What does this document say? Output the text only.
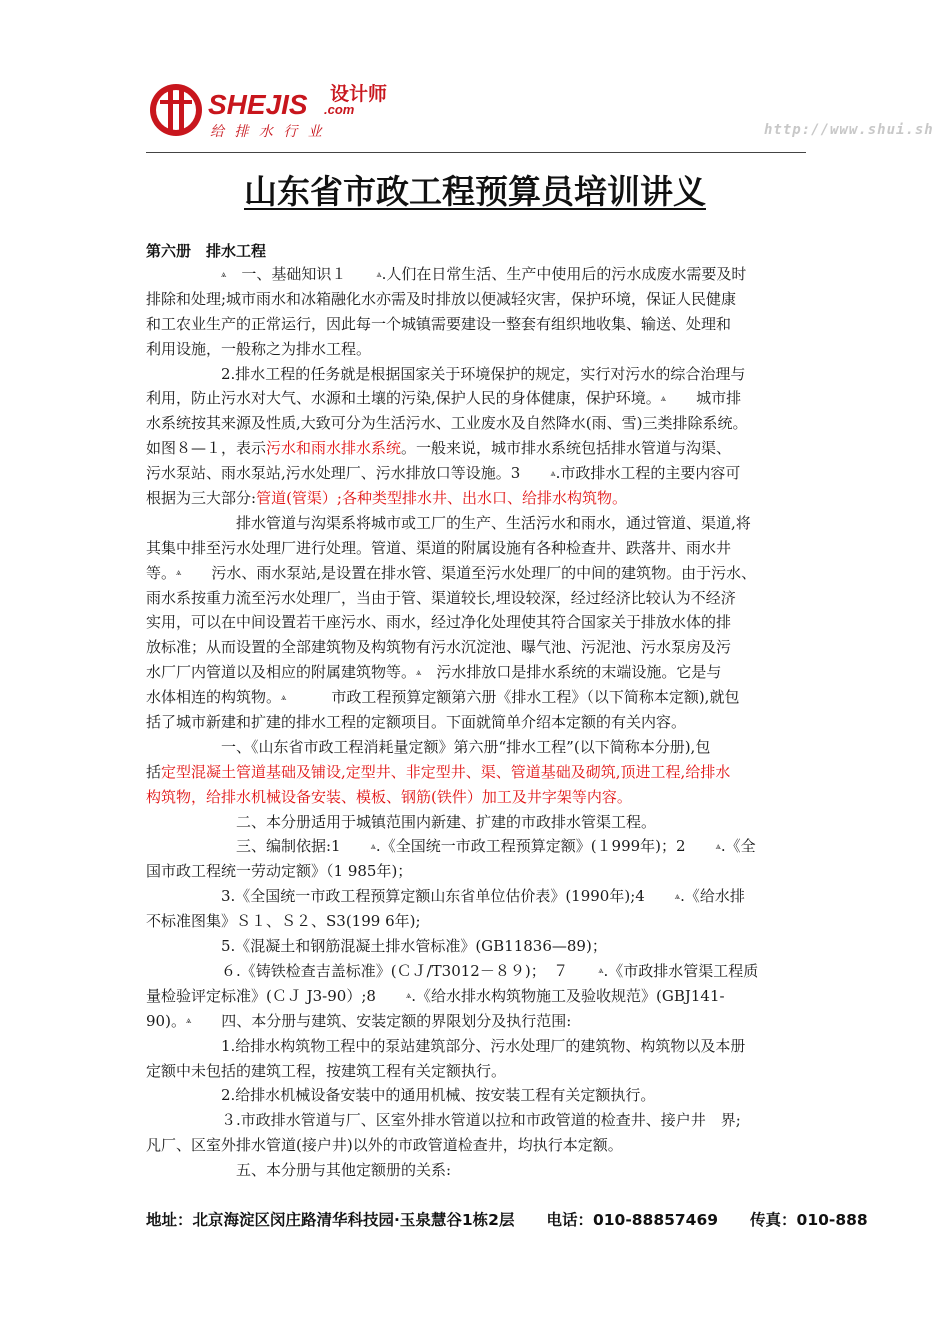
SHEJIS .com
设计师
给 排 水 行 业	http://www.shui.sh
山东省市政工程预算员培训讲义
第六册　排水工程
　　　　　ѧ　一、基础知识１　　ѧ.人们在日常生活、生产中使用后的污水成废水需要及时
排除和处理;城市雨水和冰箱融化水亦需及时排放以便减轻灾害，保护环境，保证人民健康
和工农业生产的正常运行，因此每一个城镇需要建设一整套有组织地收集、输送、处理和
利用设施，一般称之为排水工程。
　　　　　2.排水工程的任务就是根据国家关于环境保护的规定，实行对污水的综合治理与
利用，防止污水对大气、水源和土壤的污染,保护人民的身体健康，保护环境。ѧ　　城市排
水系统按其来源及性质,大致可分为生活污水、工业废水及自然降水(雨、雪)三类排除系统。
如图８—１，表示污水和雨水排水系统。一般来说，城市排水系统包括排水管道与沟渠、
污水泵站、雨水泵站,污水处理厂、污水排放口等设施。3　　ѧ.市政排水工程的主要内容可
根据为三大部分:管道(管渠）;各种类型排水井、出水口、给排水构筑物。
　　　　　　排水管道与沟渠系将城市或工厂的生产、生活污水和雨水，通过管道、渠道,将
其集中排至污水处理厂进行处理。管道、渠道的附属设施有各种检查井、跌落井、雨水井
等。ѧ　　污水、雨水泵站,是设置在排水管、渠道至污水处理厂的中间的建筑物。由于污水、
雨水系按重力流至污水处理厂，当由于管、渠道较长,埋设较深，经过经济比较认为不经济
实用，可以在中间设置若干座污水、雨水，经过净化处理使其符合国家关于排放水体的排
放标准；从而设置的全部建筑物及构筑物有污水沉淀池、曝气池、污泥池、污水泵房及污
水厂厂内管道以及相应的附属建筑物等。ѧ　污水排放口是排水系统的末端设施。它是与
水体相连的构筑物。ѧ　　　市政工程预算定额第六册《排水工程》（以下简称本定额),就包
括了城市新建和扩建的排水工程的定额项目。下面就简单介绍本定额的有关内容。
　　　　　一、《山东省市政工程消耗量定额》第六册“排水工程”(以下简称本分册),包
括定型混凝土管道基础及铺设,定型井、非定型井、渠、管道基础及砌筑,顶进工程,给排水
构筑物，给排水机械设备安装、模板、钢筋(铁件）加工及井字架等内容。
　　　　　　二、本分册适用于城镇范围内新建、扩建的市政排水管渠工程。
　　　　　　三、编制依据:1　　ѧ.《全国统一市政工程预算定额》(１999年)；2　　ѧ.《全
国市政工程统一劳动定额》（1 985年)；
　　　　　3.《全国统一市政工程预算定额山东省单位估价表》(1990年);4　　ѧ.《给水排
不标准图集》Ｓ１、Ｓ２、S3(199 6年);
　　　　　5.《混凝土和钢筋混凝土排水管标准》(GB11836—89)；
　　　　　６.《铸铁检查吉盖标准》(ＣＪ/T3012－８９)；　７　　ѧ.《市政排水管渠工程质
量检验评定标准》(ＣＪ J3-90）;8　　ѧ.《给水排水构筑物施工及验收规范》(GBJ141-
90)。ѧ　　四、本分册与建筑、安装定额的界限划分及执行范围:
　　　　　1.给排水构筑物工程中的泵站建筑部分、污水处理厂的建筑物、构筑物以及本册
定额中未包括的建筑工程，按建筑工程有关定额执行。
　　　　　2.给排水机械设备安装中的通用机械、按安装工程有关定额执行。
　　　　　３.市政排水管道与厂、区室外排水管道以拉和市政管道的检查井、接户井　界;
凡厂、区室外排水管道(接户井)以外的市政管道检查井，均执行本定额。
　　　　　　五、本分册与其他定额册的关系:
地址：北京海淀区闵庄路清华科技园·玉泉慧谷1栋2层 电话：010-88857469 传真：010-888
